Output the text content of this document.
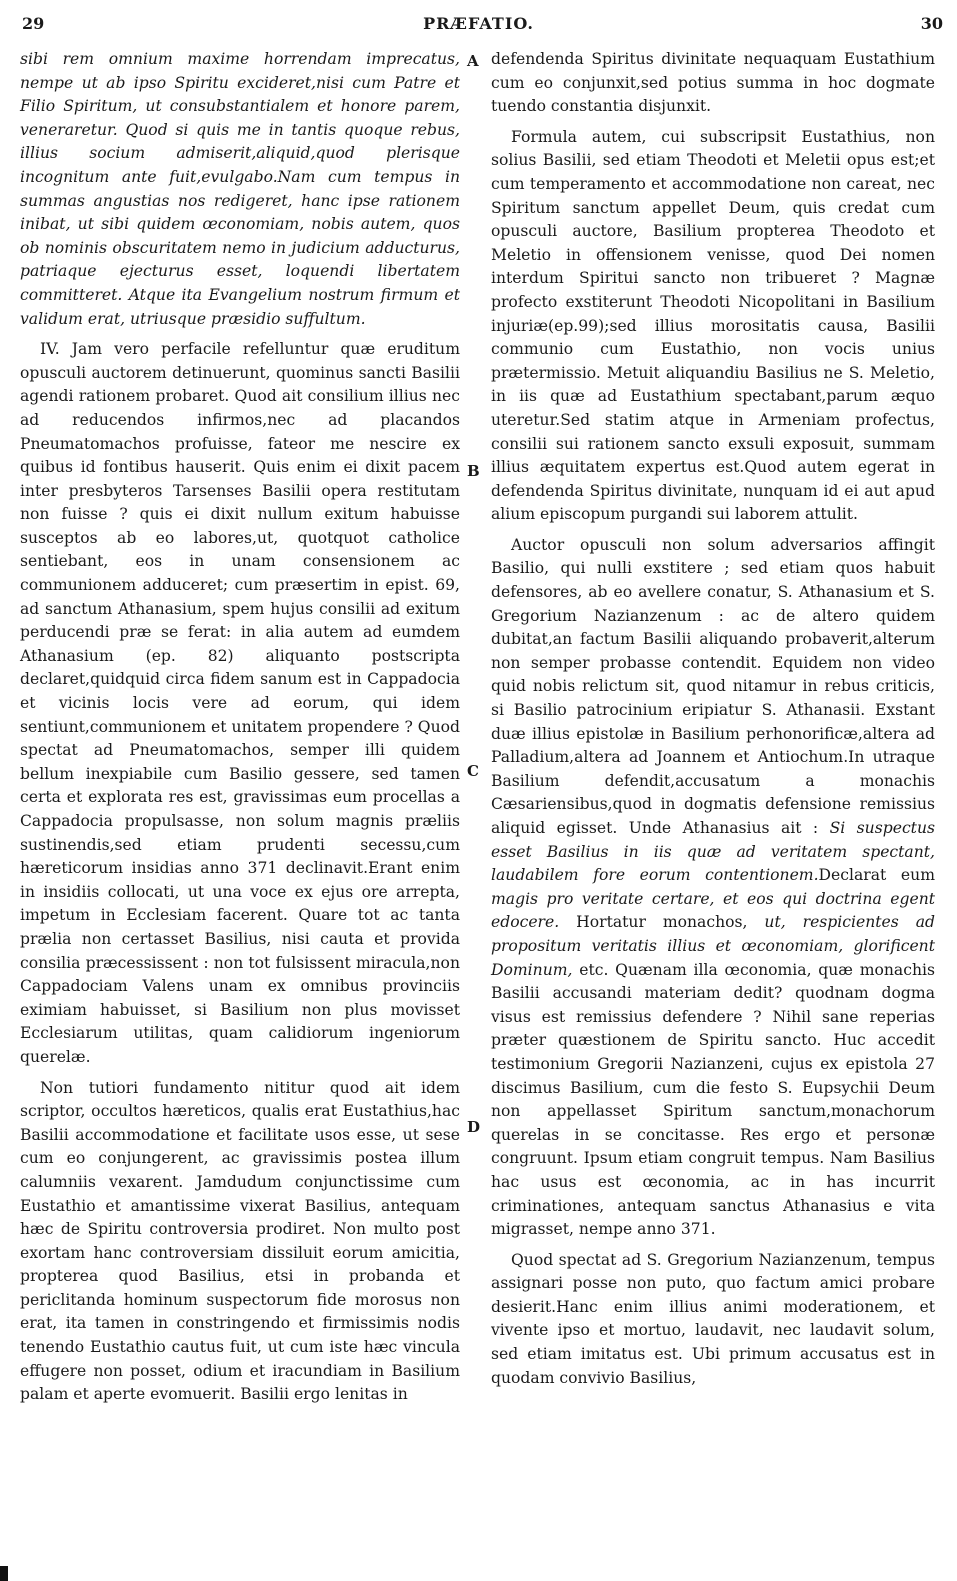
29	PRÆFATIO.	30

sibi rem omnium maxime horrendam imprecatus, nempe ut ab ipso Spiritu excideret,nisi cum Patre et Filio Spiritum, ut consubstantialem et honore parem, veneraretur. Quod si quis me in tantis quoque rebus, illius socium admiserit,aliquid,quod plerisque incognitum ante fuit,evulgabo.Nam cum tempus in summas angustias nos redigeret, hanc ipse rationem inibat, ut sibi quidem œconomiam, nobis autem, quos ob nominis obscuritatem nemo in judicium adducturus, patriaque ejecturus esset, loquendi libertatem committeret. Atque ita Evangelium nostrum firmum et validum erat, utriusque præsidio suffultum.

IV. Jam vero perfacile refelluntur quæ eruditum opusculi auctorem detinuerunt, quominus sancti Basilii agendi rationem probaret. Quod ait consilium illius nec ad reducendos infirmos,nec ad placandos Pneumatomachos profuisse, fateor me nescire ex quibus id fontibus hauserit. Quis enim ei dixit pacem inter presbyteros Tarsenses Basilii opera restitutam non fuisse ? quis ei dixit nullum exitum habuisse susceptos ab eo labores,ut, quotquot catholice sentiebant, eos in unam consensionem ac communionem adduceret; cum præsertim in epist. 69, ad sanctum Athanasium, spem hujus consilii ad exitum perducendi præ se ferat: in alia autem ad eumdem Athanasium (ep. 82) aliquanto postscripta declaret,quidquid circa fidem sanum est in Cappadocia et vicinis locis vere ad eorum, qui idem sentiunt,communionem et unitatem propendere ? Quod spectat ad Pneumatomachos, semper illi quidem bellum inexpiabile cum Basilio gessere, sed tamen certa et explorata res est, gravissimas eum procellas a Cappadocia propulsasse, non solum magnis præliis sustinendis,sed etiam prudenti secessu,cum hæreticorum insidias anno 371 declinavit.Erant enim in insidiis collocati, ut una voce ex ejus ore arrepta, impetum in Ecclesiam facerent. Quare tot ac tanta prælia non certasset Basilius, nisi cauta et provida consilia præcessissent : non tot fulsissent miracula,non Cappadociam Valens unam ex omnibus provinciis eximiam habuisset, si Basilium non plus movisset Ecclesiarum utilitas, quam calidiorum ingeniorum querelæ.

Non tutiori fundamento nititur quod ait idem scriptor, occultos hæreticos, qualis erat Eustathius,hac Basilii accommodatione et facilitate usos esse, ut sese cum eo conjungerent, ac gravissimis postea illum calumniis vexarent. Jamdudum conjunctissime cum Eustathio et amantissime vixerat Basilius, antequam hæc de Spiritu controversia prodiret. Non multo post exortam hanc controversiam dissiluit eorum amicitia, propterea quod Basilius, etsi in probanda et periclitanda hominum suspectorum fide morosus non erat, ita tamen in constringendo et firmissimis nodis tenendo Eustathio cautus fuit, ut cum iste hæc vincula effugere non posset, odium et iracundiam in Basilium palam et aperte evomuerit. Basilii ergo lenitas in

A
B
C
D

defendenda Spiritus divinitate nequaquam Eustathium cum eo conjunxit,sed potius summa in hoc dogmate tuendo constantia disjunxit.

Formula autem, cui subscripsit Eustathius, non solius Basilii, sed etiam Theodoti et Meletii opus est;et cum temperamento et accommodatione non careat, nec Spiritum sanctum appellet Deum, quis credat cum opusculi auctore, Basilium propterea Theodoto et Meletio in offensionem venisse, quod Dei nomen interdum Spiritui sancto non tribueret ? Magnæ profecto exstiterunt Theodoti Nicopolitani in Basilium injuriæ(ep.99);sed illius morositatis causa, Basilii communio cum Eustathio, non vocis unius prætermissio. Metuit aliquandiu Basilius ne S. Meletio, in iis quæ ad Eustathium spectabant,parum æquo uteretur.Sed statim atque in Armeniam profectus, consilii sui rationem sancto exsuli exposuit, summam illius æquitatem expertus est.Quod autem egerat in defendenda Spiritus divinitate, nunquam id ei aut apud alium episcopum purgandi sui laborem attulit.

Auctor opusculi non solum adversarios affingit Basilio, qui nulli exstitere ; sed etiam quos habuit defensores, ab eo avellere conatur, S. Athanasium et S. Gregorium Nazianzenum : ac de altero quidem dubitat,an factum Basilii aliquando probaverit,alterum non semper probasse contendit. Equidem non video quid nobis relictum sit, quod nitamur in rebus criticis, si Basilio patrocinium eripiatur S. Athanasii. Exstant duæ illius epistolæ in Basilium perhonorificæ,altera ad Palladium,altera ad Joannem et Antiochum.In utraque Basilium defendit,accusatum a monachis Cæsariensibus,quod in dogmatis defensione remissius aliquid egisset. Unde Athanasius ait : Si suspectus esset Basilius in iis quæ ad veritatem spectant, laudabilem fore eorum contentionem.Declarat eum magis pro veritate certare, et eos qui doctrina egent edocere. Hortatur monachos, ut, respicientes ad propositum veritatis illius et œconomiam, glorificent Dominum, etc. Quænam illa œconomia, quæ monachis Basilii accusandi materiam dedit? quodnam dogma visus est remissius defendere ? Nihil sane reperias præter quæstionem de Spiritu sancto. Huc accedit testimonium Gregorii Nazianzeni, cujus ex epistola 27 discimus Basilium, cum die festo S. Eupsychii Deum non appellasset Spiritum sanctum,monachorum querelas in se concitasse. Res ergo et personæ congruunt. Ipsum etiam congruit tempus. Nam Basilius hac usus est œconomia, ac in has incurrit criminationes, antequam sanctus Athanasius e vita migrasset, nempe anno 371.

Quod spectat ad S. Gregorium Nazianzenum, tempus assignari posse non puto, quo factum amici probare desierit.Hanc enim illius animi moderationem, et vivente ipso et mortuo, laudavit, nec laudavit solum, sed etiam imitatus est. Ubi primum accusatus est in quodam convivio Basilius,
